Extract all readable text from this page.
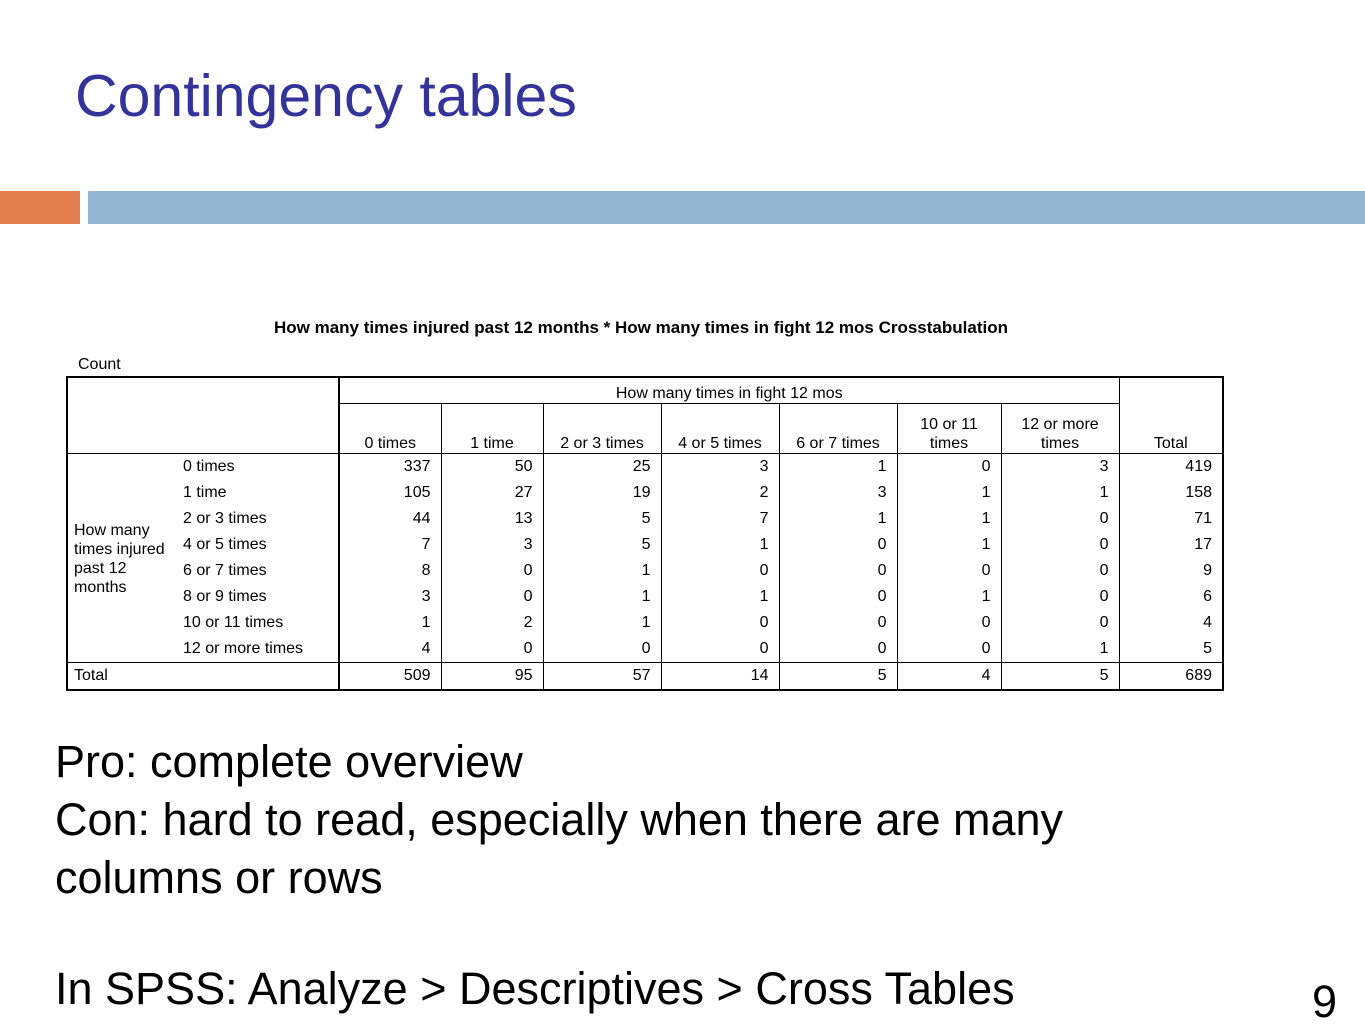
Contingency tables
How many times injured past 12 months * How many times in fight 12 mos Crosstabulation
Count
		How many times in fight 12 mos							
		0 times	1 time	2 or 3 times	4 or 5 times	6 or 7 times	10 or 11 times	12 or more times	Total
How many times injured past 12 months	0 times	337	50	25	3	1	0	3	419
	1 time	105	27	19	2	3	1	1	158
	2 or 3 times	44	13	5	7	1	1	0	71
	4 or 5 times	7	3	5	1	0	1	0	17
	6 or 7 times	8	0	1	0	0	0	0	9
	8 or 9 times	3	0	1	1	0	1	0	6
	10 or 11 times	1	2	1	0	0	0	0	4
	12 or more times	4	0	0	0	0	0	1	5
Total		509	95	57	14	5	4	5	689
Pro: complete overview
Con: hard to read, especially when there are many
columns or rows
In SPSS: Analyze > Descriptives > Cross Tables	9
